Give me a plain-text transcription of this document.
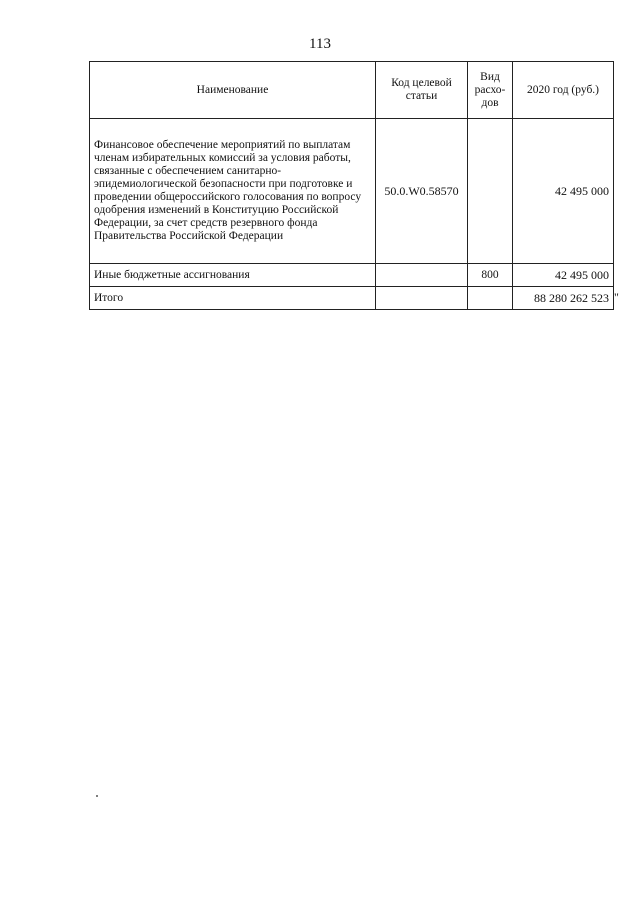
113
Наименование	Код целевой статьи	Вид расхо-дов	2020 год (руб.)
Финансовое обеспечение мероприятий по выплатам членам избирательных комиссий за условия работы, связанные с обеспечением санитарно-эпидемиологической безопасности при подготовке и проведении общероссийского голосования по вопросу одобрения изменений в Конституцию Российской Федерации, за счет средств резервного фонда Правительства Российской Федерации	50.0.W0.58570		42 495 000
Иные бюджетные ассигнования		800	42 495 000
Итого			88 280 262 523 "
